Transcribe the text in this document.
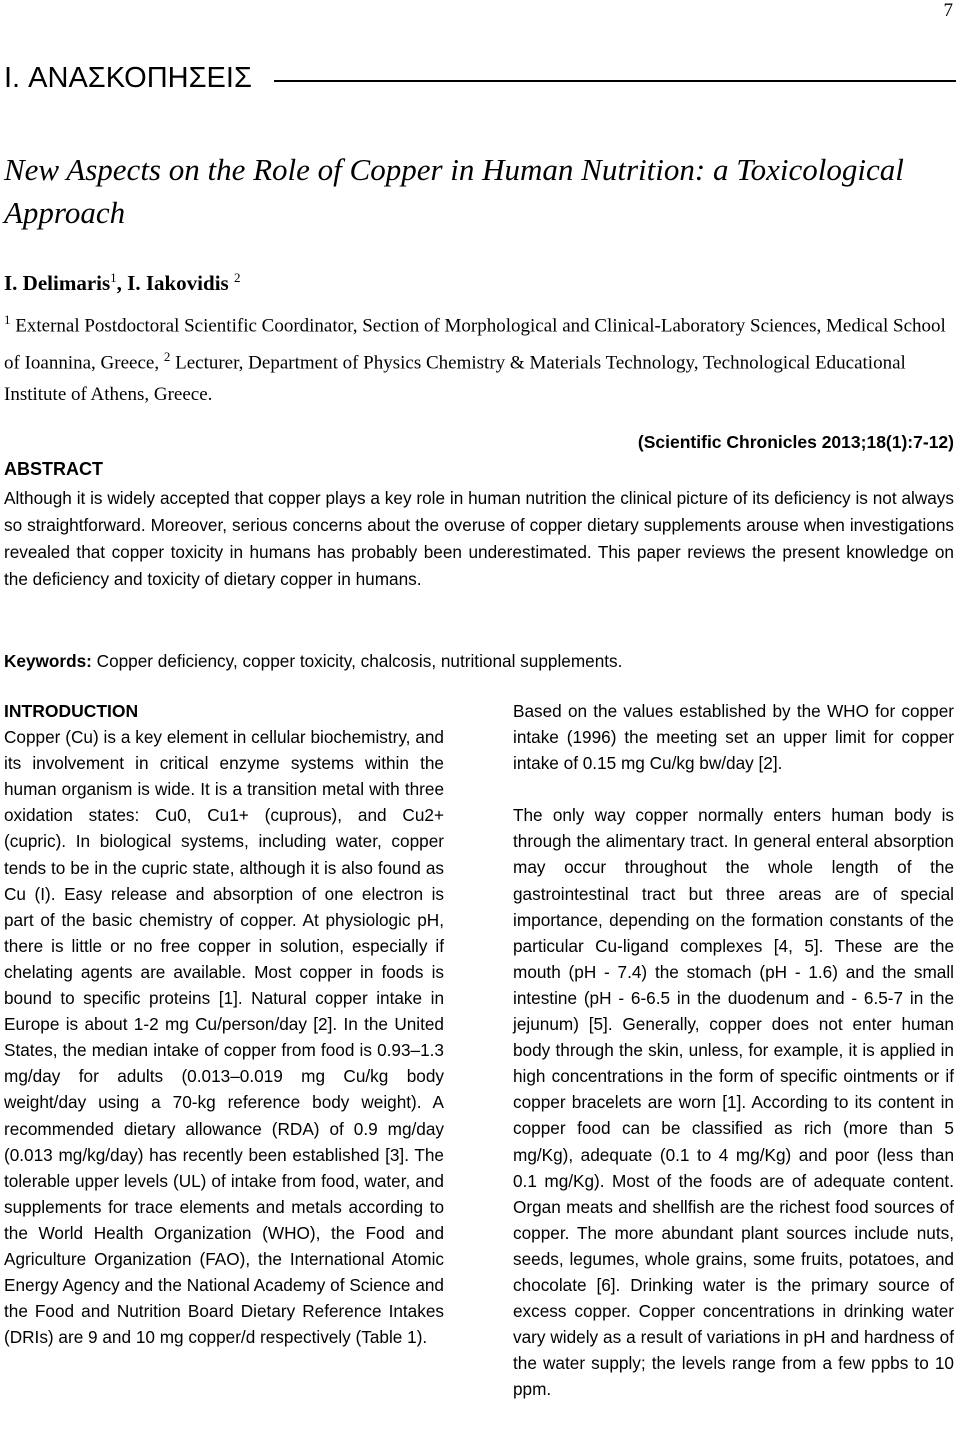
7
I. ΑΝΑΣΚΟΠΗΣΕΙΣ
New Aspects on the Role of Copper in Human Nutrition: a Toxicological Approach
I. Delimaris$^1$, I. Iakovidis $^2$
$^1$ External Postdoctoral Scientific Coordinator, Section of Morphological and Clinical-Laboratory Sciences, Medical School of Ioannina, Greece, $^2$ Lecturer, Department of Physics Chemistry & Materials Technology, Technological Educational Institute of Athens, Greece.
(Scientific Chronicles 2013;18(1):7-12)
ABSTRACT

Although it is widely accepted that copper plays a key role in human nutrition the clinical picture of its deficiency is not always so straightforward. Moreover, serious concerns about the overuse of copper dietary supplements arouse when investigations revealed that copper toxicity in humans has probably been underestimated. This paper reviews the present knowledge on the deficiency and toxicity of dietary copper in humans.

Keywords: Copper deficiency, copper toxicity, chalcosis, nutritional supplements.
INTRODUCTION

Copper (Cu) is a key element in cellular biochemistry, and its involvement in critical enzyme systems within the human organism is wide. It is a transition metal with three oxidation states: Cu0, Cu1+ (cuprous), and Cu2+ (cupric). In biological systems, including water, copper tends to be in the cupric state, although it is also found as Cu (I). Easy release and absorption of one electron is part of the basic chemistry of copper. At physiologic pH, there is little or no free copper in solution, especially if chelating agents are available. Most copper in foods is bound to specific proteins [1]. Natural copper intake in Europe is about 1-2 mg Cu/person/day [2]. In the United States, the median intake of copper from food is 0.93–1.3 mg/day for adults (0.013–0.019 mg Cu/kg body weight/day using a 70-kg reference body weight). A recommended dietary allowance (RDA) of 0.9 mg/day (0.013 mg/kg/day) has recently been established [3]. The tolerable upper levels (UL) of intake from food, water, and supplements for trace elements and metals according to the World Health Organization (WHO), the Food and Agriculture Organization (FAO), the International Atomic Energy Agency and the National Academy of Science and the Food and Nutrition Board Dietary Reference Intakes (DRIs) are 9 and 10 mg copper/d respectively (Table 1).

Based on the values established by the WHO for copper intake (1996) the meeting set an upper limit for copper intake of 0.15 mg Cu/kg bw/day [2].

The only way copper normally enters human body is through the alimentary tract. In general enteral absorption may occur throughout the whole length of the gastrointestinal tract but three areas are of special importance, depending on the formation constants of the particular Cu-ligand complexes [4, 5]. These are the mouth (pH - 7.4) the stomach (pH - 1.6) and the small intestine (pH - 6-6.5 in the duodenum and - 6.5-7 in the jejunum) [5]. Generally, copper does not enter human body through the skin, unless, for example, it is applied in high concentrations in the form of specific ointments or if copper bracelets are worn [1]. According to its content in copper food can be classified as rich (more than 5 mg/Kg), adequate (0.1 to 4 mg/Kg) and poor (less than 0.1 mg/Kg). Most of the foods are of adequate content. Organ meats and shellfish are the richest food sources of copper. The more abundant plant sources include nuts, seeds, legumes, whole grains, some fruits, potatoes, and chocolate [6]. Drinking water is the primary source of excess copper. Copper concentrations in drinking water vary widely as a result of variations in pH and hardness of the water supply; the levels range from a few ppbs to 10 ppm.
